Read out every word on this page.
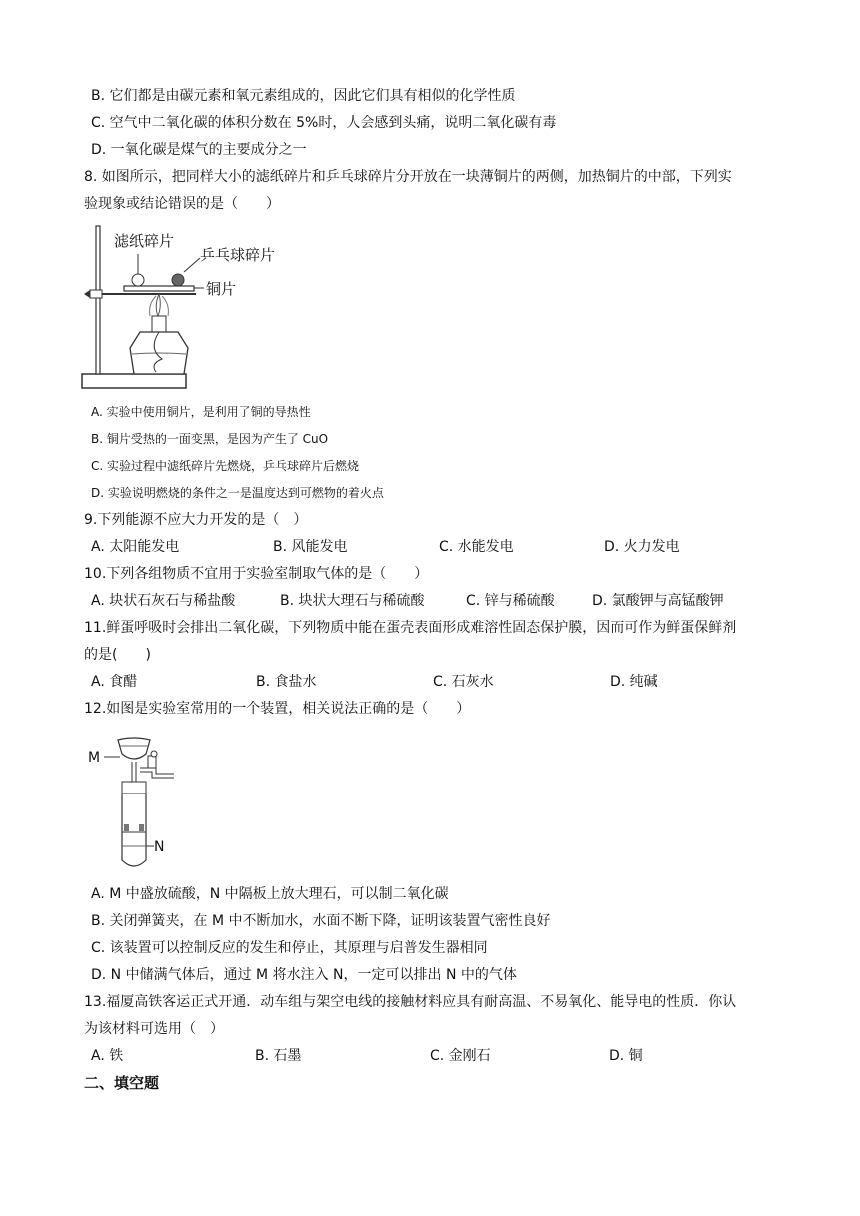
B. 它们都是由碳元素和氧元素组成的，因此它们具有相似的化学性质
C. 空气中二氧化碳的体积分数在 5%时，人会感到头痛，说明二氧化碳有毒
D. 一氧化碳是煤气的主要成分之一
8. 如图所示，把同样大小的滤纸碎片和乒乓球碎片分开放在一块薄铜片的两侧，加热铜片的中部，下列实
验现象或结论错误的是（　　）
滤纸碎片
乒乓球碎片
铜片
A. 实验中使用铜片，是利用了铜的导热性
B. 铜片受热的一面变黑，是因为产生了 CuO
C. 实验过程中滤纸碎片先燃烧，乒乓球碎片后燃烧
D. 实验说明燃烧的条件之一是温度达到可燃物的着火点
9.下列能源不应大力开发的是（　）
A. 太阳能发电	B. 风能发电	C. 水能发电	D. 火力发电
10.下列各组物质不宜用于实验室制取气体的是（　　）
A. 块状石灰石与稀盐酸	B. 块状大理石与稀硫酸	C. 锌与稀硫酸	D. 氯酸钾与高锰酸钾
11.鲜蛋呼吸时会排出二氧化碳，下列物质中能在蛋壳表面形成难溶性固态保护膜，因而可作为鲜蛋保鲜剂
的是(　　)
A. 食醋	B. 食盐水	C. 石灰水	D. 纯碱
12.如图是实验室常用的一个装置，相关说法正确的是（　　）
M
N
A. M 中盛放硫酸，N 中隔板上放大理石，可以制二氧化碳
B. 关闭弹簧夹，在 M 中不断加水，水面不断下降，证明该装置气密性良好
C. 该装置可以控制反应的发生和停止，其原理与启普发生器相同
D. N 中储满气体后，通过 M 将水注入 N，一定可以排出 N 中的气体
13.福厦高铁客运正式开通．动车组与架空电线的接触材料应具有耐高温、不易氧化、能导电的性质．你认
为该材料可选用（　）
A. 铁	B. 石墨	C. 金刚石	D. 铜
二、填空题
